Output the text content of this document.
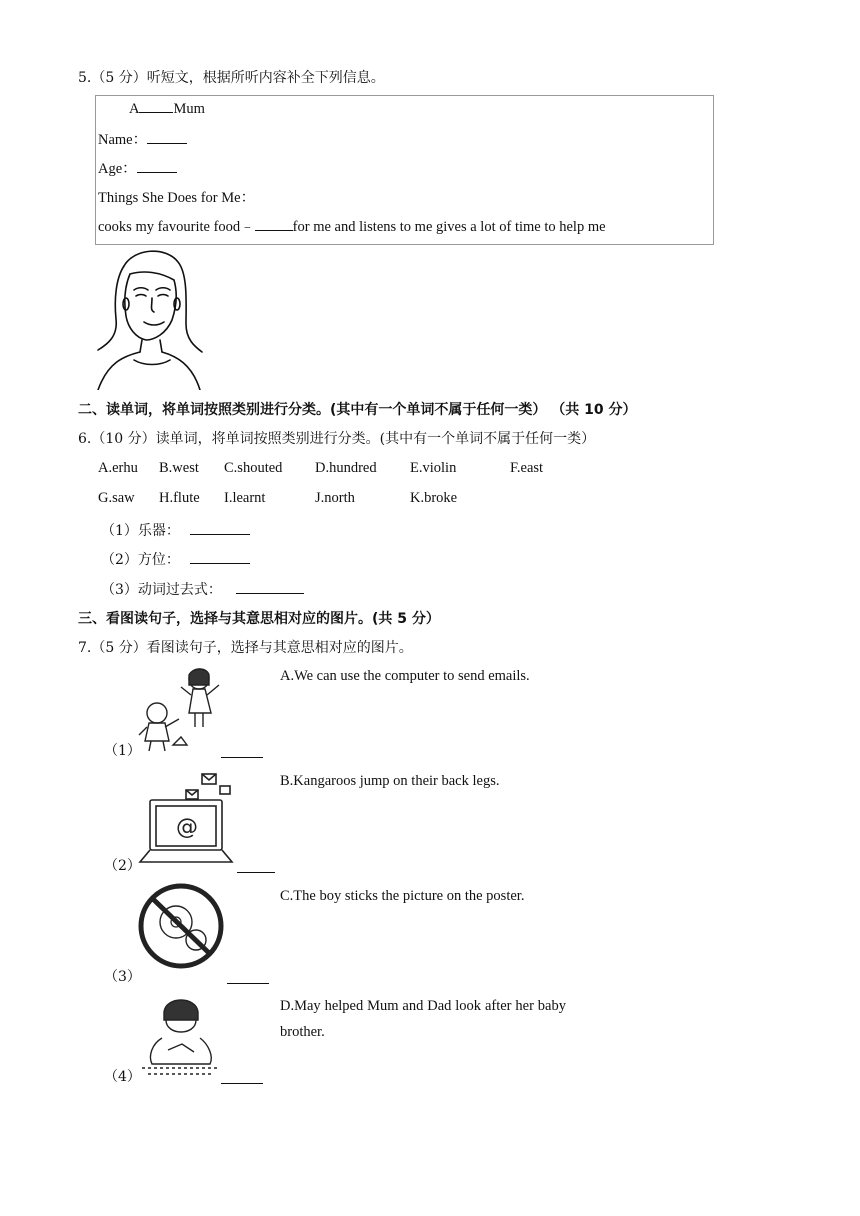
5.（5 分）听短文，根据所听内容补全下列信息。
A Mum
Name：
Age：
Things She Does for Me：
cooks my favourite food﹣	for me and listens to me gives a lot of time to help me
二、读单词，将单词按照类别进行分类。(其中有一个单词不属于任何一类） （共 10 分）
6.（10 分）读单词，将单词按照类别进行分类。(其中有一个单词不属于任何一类）
A.erhu B.west C.shouted D.hundred E.violin	F.east
G.saw H.flute I.learnt	J.north	K.broke
（1）乐器：
（2）方位：
（3）动词过去式：
三、看图读句子，选择与其意思相对应的图片。(共 5 分）
7.（5 分）看图读句子，选择与其意思相对应的图片。
（1）
A.We can use the computer to send emails.
@
（2）
B.Kangaroos jump on their back legs.
（3）
C.The boy sticks the picture on the poster.
（4）
D.May helped Mum and Dad look after her baby brother.
